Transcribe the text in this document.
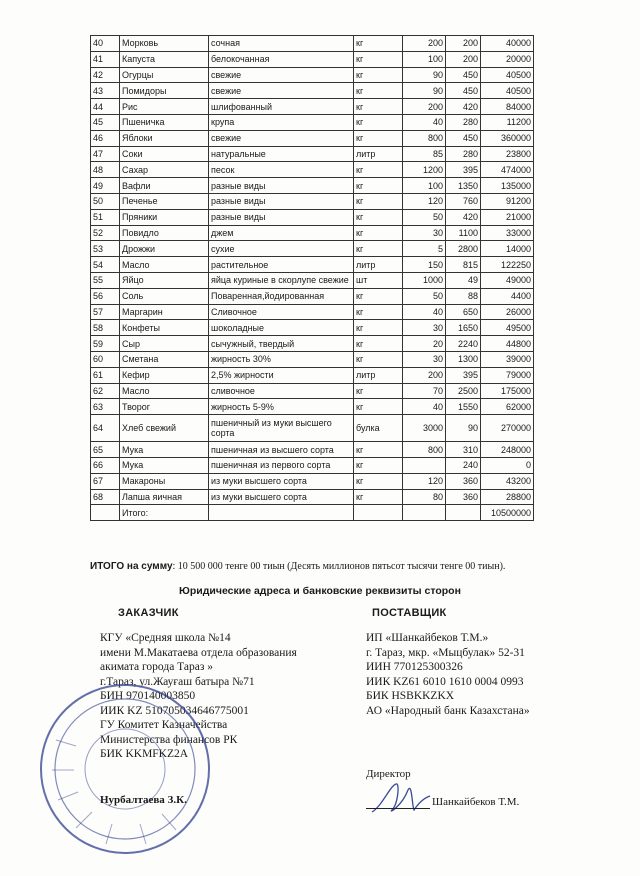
40	Морковь	сочная	кг	200	200	40000
41	Капуста	белокочанная	кг	100	200	20000
42	Огурцы	свежие	кг	90	450	40500
43	Помидоры	свежие	кг	90	450	40500
44	Рис	шлифованный	кг	200	420	84000
45	Пшеничка	крупа	кг	40	280	11200
46	Яблоки	свежие	кг	800	450	360000
47	Соки	натуральные	литр	85	280	23800
48	Сахар	песок	кг	1200	395	474000
49	Вафли	разные виды	кг	100	1350	135000
50	Печенье	разные виды	кг	120	760	91200
51	Пряники	разные виды	кг	50	420	21000
52	Повидло	джем	кг	30	1100	33000
53	Дрожжи	сухие	кг	5	2800	14000
54	Масло	растительное	литр	150	815	122250
55	Яйцо	яйца куриные в скорлупе свежие	шт	1000	49	49000
56	Соль	Поваренная,йодированная	кг	50	88	4400
57	Маргарин	Сливочное	кг	40	650	26000
58	Конфеты	шоколадные	кг	30	1650	49500
59	Сыр	сычужный, твердый	кг	20	2240	44800
60	Сметана	жирность 30%	кг	30	1300	39000
61	Кефир	2,5% жирности	литр	200	395	79000
62	Масло	сливочное	кг	70	2500	175000
63	Творог	жирность 5-9%	кг	40	1550	62000
64	Хлеб свежий	пшеничный из муки высшего сорта	булка	3000	90	270000
65	Мука	пшеничная из высшего сорта	кг	800	310	248000
66	Мука	пшеничная из первого сорта	кг		240	0
67	Макароны	из муки высшего сорта	кг	120	360	43200
68	Лапша яичная	из муки высшего сорта	кг	80	360	28800
	Итого:					10500000
ИТОГО на сумму: 10 500 000 тенге 00 тиын (Десять миллионов пятьсот тысячи тенге 00 тиын).
Юридические адреса и банковские реквизиты сторон
ЗАКАЗЧИК	ПОСТАВЩИК
КГУ «Средняя школа №14
имени М.Макатаева отдела образования
акимата города Тараз »
г.Тараз, ул.Жауғаш батыра №71
БИН 970140003850
ИИК KZ 510705034646775001
ГУ Комитет Казначейства
Министерства финансов РК
БИК KKMFKZ2A
ИП «Шанкайбеков Т.М.»
г. Тараз, мкр. «Мыцбулак» 52-31
ИИН 770125300326
ИИК KZ61 6010 1610 0004 0993
БИК HSBKKZKX
АО «Народный банк Казахстана»
Нурбалтаева З.К.
Директор
Шанкайбеков Т.М.
